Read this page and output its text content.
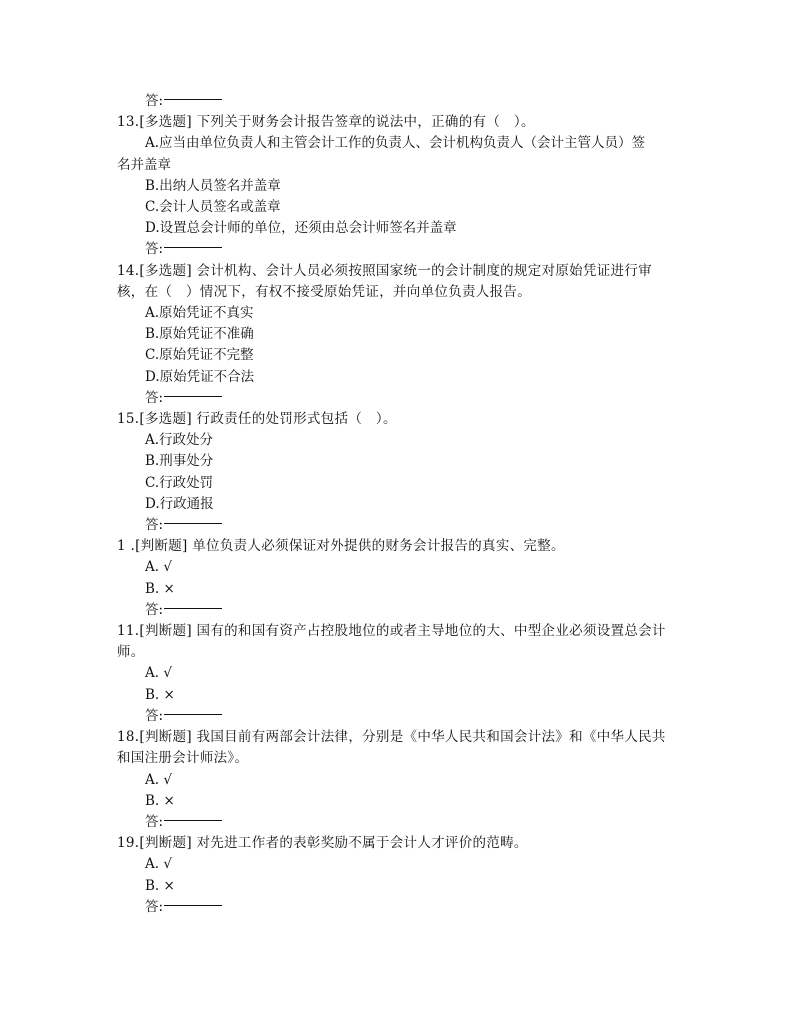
答:
13.[多选题] 下列关于财务会计报告签章的说法中，正确的有（　）。
A.应当由单位负责人和主管会计工作的负责人、会计机构负责人（会计主管人员）签
名并盖章
B.出纳人员签名并盖章
C.会计人员签名或盖章
D.设置总会计师的单位，还须由总会计师签名并盖章
答:
14.[多选题] 会计机构、会计人员必须按照国家统一的会计制度的规定对原始凭证进行审核，在（　）情况下，有权不接受原始凭证，并向单位负责人报告。
A.原始凭证不真实
B.原始凭证不准确
C.原始凭证不完整
D.原始凭证不合法
答:
15.[多选题] 行政责任的处罚形式包括（　）。
A.行政处分
B.刑事处分
C.行政处罚
D.行政通报
答:
1 .[判断题] 单位负责人必须保证对外提供的财务会计报告的真实、完整。
A. √
B. ×
答:
11.[判断题] 国有的和国有资产占控股地位的或者主导地位的大、中型企业必须设置总会计师。
A. √
B. ×
答:
18.[判断题] 我国目前有两部会计法律，分别是《中华人民共和国会计法》和《中华人民共和国注册会计师法》。
A. √
B. ×
答:
19.[判断题] 对先进工作者的表彰奖励不属于会计人才评价的范畴。
A. √
B. ×
答:
